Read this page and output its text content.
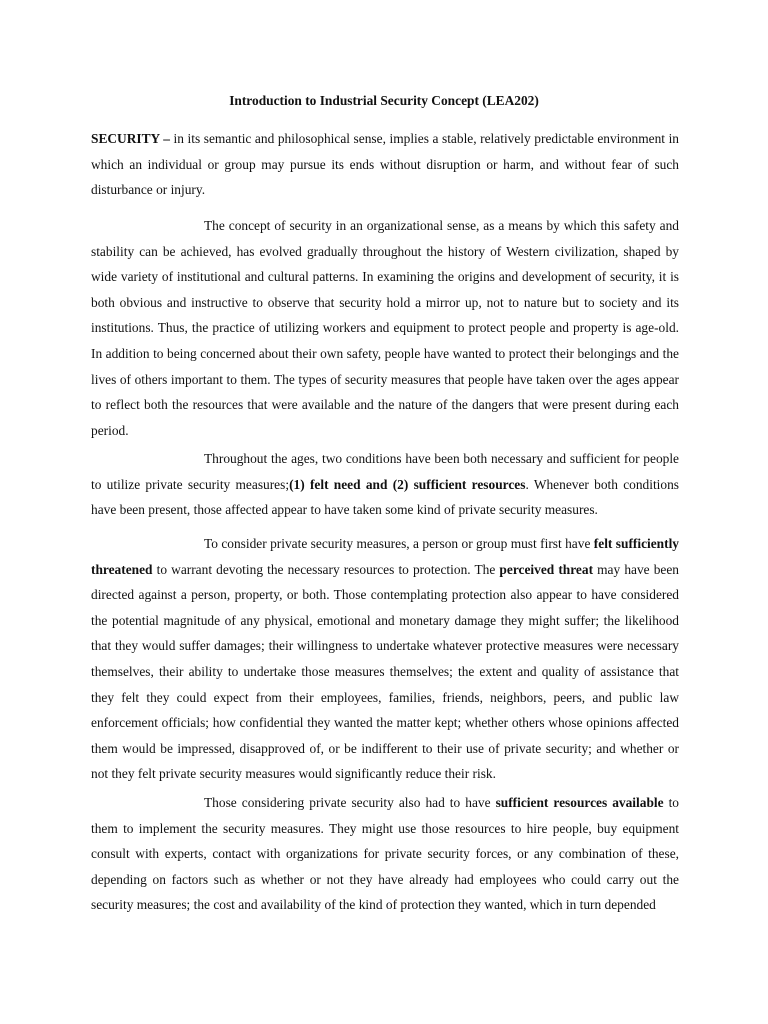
Introduction to Industrial Security Concept (LEA202)

SECURITY – in its semantic and philosophical sense, implies a stable, relatively predictable environment in which an individual or group may pursue its ends without disruption or harm, and without fear of such disturbance or injury.

The concept of security in an organizational sense, as a means by which this safety and stability can be achieved, has evolved gradually throughout the history of Western civilization, shaped by wide variety of institutional and cultural patterns. In examining the origins and development of security, it is both obvious and instructive to observe that security hold a mirror up, not to nature but to society and its institutions. Thus, the practice of utilizing workers and equipment to protect people and property is age-old. In addition to being concerned about their own safety, people have wanted to protect their belongings and the lives of others important to them. The types of security measures that people have taken over the ages appear to reflect both the resources that were available and the nature of the dangers that were present during each period.

Throughout the ages, two conditions have been both necessary and sufficient for people to utilize private security measures;(1) felt need and (2) sufficient resources. Whenever both conditions have been present, those affected appear to have taken some kind of private security measures.

To consider private security measures, a person or group must first have felt sufficiently threatened to warrant devoting the necessary resources to protection. The perceived threat may have been directed against a person, property, or both. Those contemplating protection also appear to have considered the potential magnitude of any physical, emotional and monetary damage they might suffer; the likelihood that they would suffer damages; their willingness to undertake whatever protective measures were necessary themselves, their ability to undertake those measures themselves; the extent and quality of assistance that they felt they could expect from their employees, families, friends, neighbors, peers, and public law enforcement officials; how confidential they wanted the matter kept; whether others whose opinions affected them would be impressed, disapproved of, or be indifferent to their use of private security; and whether or not they felt private security measures would significantly reduce their risk.

Those considering private security also had to have sufficient resources available to them to implement the security measures. They might use those resources to hire people, buy equipment consult with experts, contact with organizations for private security forces, or any combination of these, depending on factors such as whether or not they have already had employees who could carry out the security measures; the cost and availability of the kind of protection they wanted, which in turn depended
